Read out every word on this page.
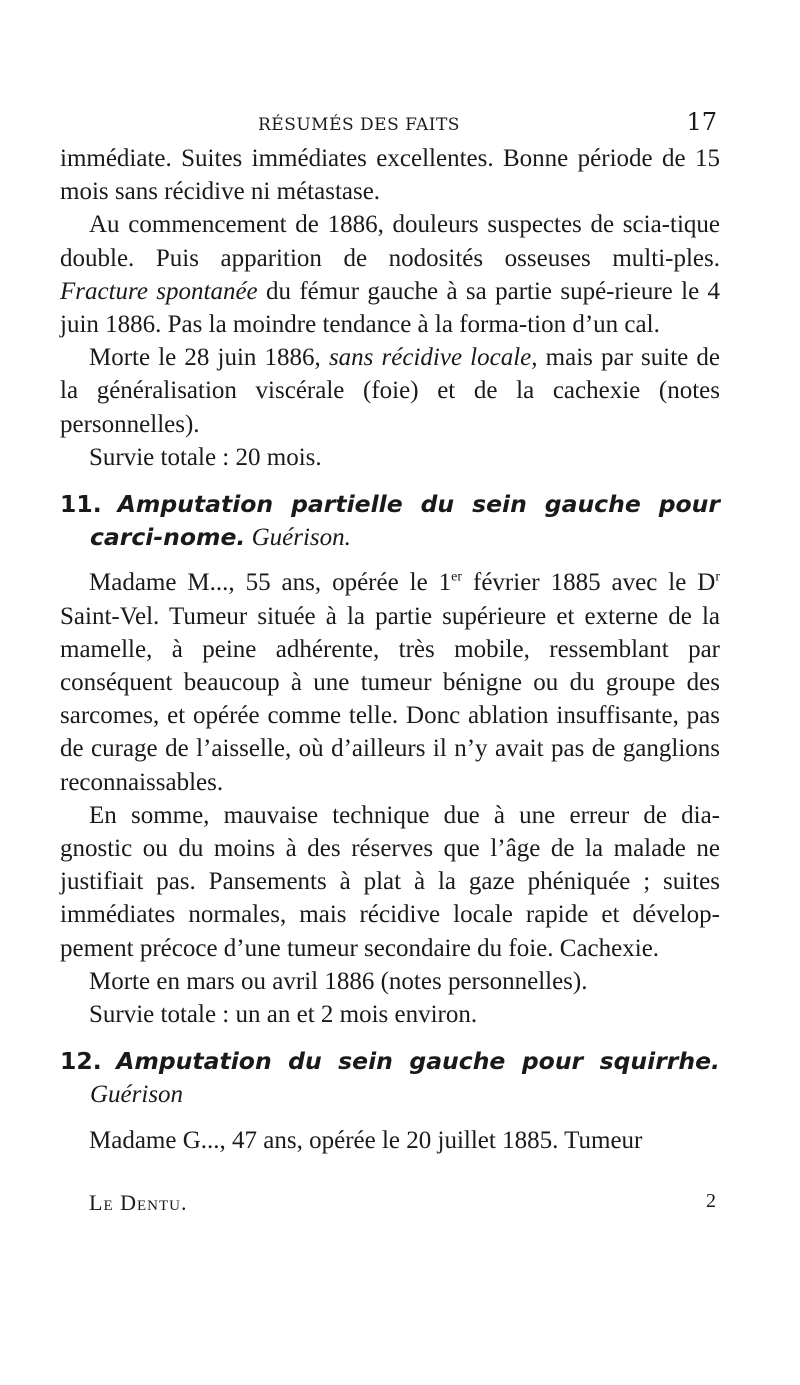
RÉSUMÉS DES FAITS	17

immédiate. Suites immédiates excellentes. Bonne période de 15 mois sans récidive ni métastase.

Au commencement de 1886, douleurs suspectes de scia-tique double. Puis apparition de nodosités osseuses multi-ples. Fracture spontanée du fémur gauche à sa partie supé-rieure le 4 juin 1886. Pas la moindre tendance à la forma-tion d’un cal.

Morte le 28 juin 1886, sans récidive locale, mais par suite de la généralisation viscérale (foie) et de la cachexie (notes personnelles).

Survie totale : 20 mois.

11. Amputation partielle du sein gauche pour carci-nome. Guérison.

Madame M..., 55 ans, opérée le 1er février 1885 avec le $D^r$ Saint-Vel. Tumeur située à la partie supérieure et externe de la mamelle, à peine adhérente, très mobile, ressemblant par conséquent beaucoup à une tumeur bénigne ou du groupe des sarcomes, et opérée comme telle. Donc ablation insuffisante, pas de curage de l’aisselle, où d’ailleurs il n’y avait pas de ganglions reconnaissables.

En somme, mauvaise technique due à une erreur de dia-gnostic ou du moins à des réserves que l’âge de la malade ne justifiait pas. Pansements à plat à la gaze phéniquée ; suites immédiates normales, mais récidive locale rapide et dévelop-pement précoce d’une tumeur secondaire du foie. Cachexie.

Morte en mars ou avril 1886 (notes personnelles).

Survie totale : un an et 2 mois environ.

12. Amputation du sein gauche pour squirrhe. Guérison

Madame G..., 47 ans, opérée le 20 juillet 1885. Tumeur

Le Dentu.	2
